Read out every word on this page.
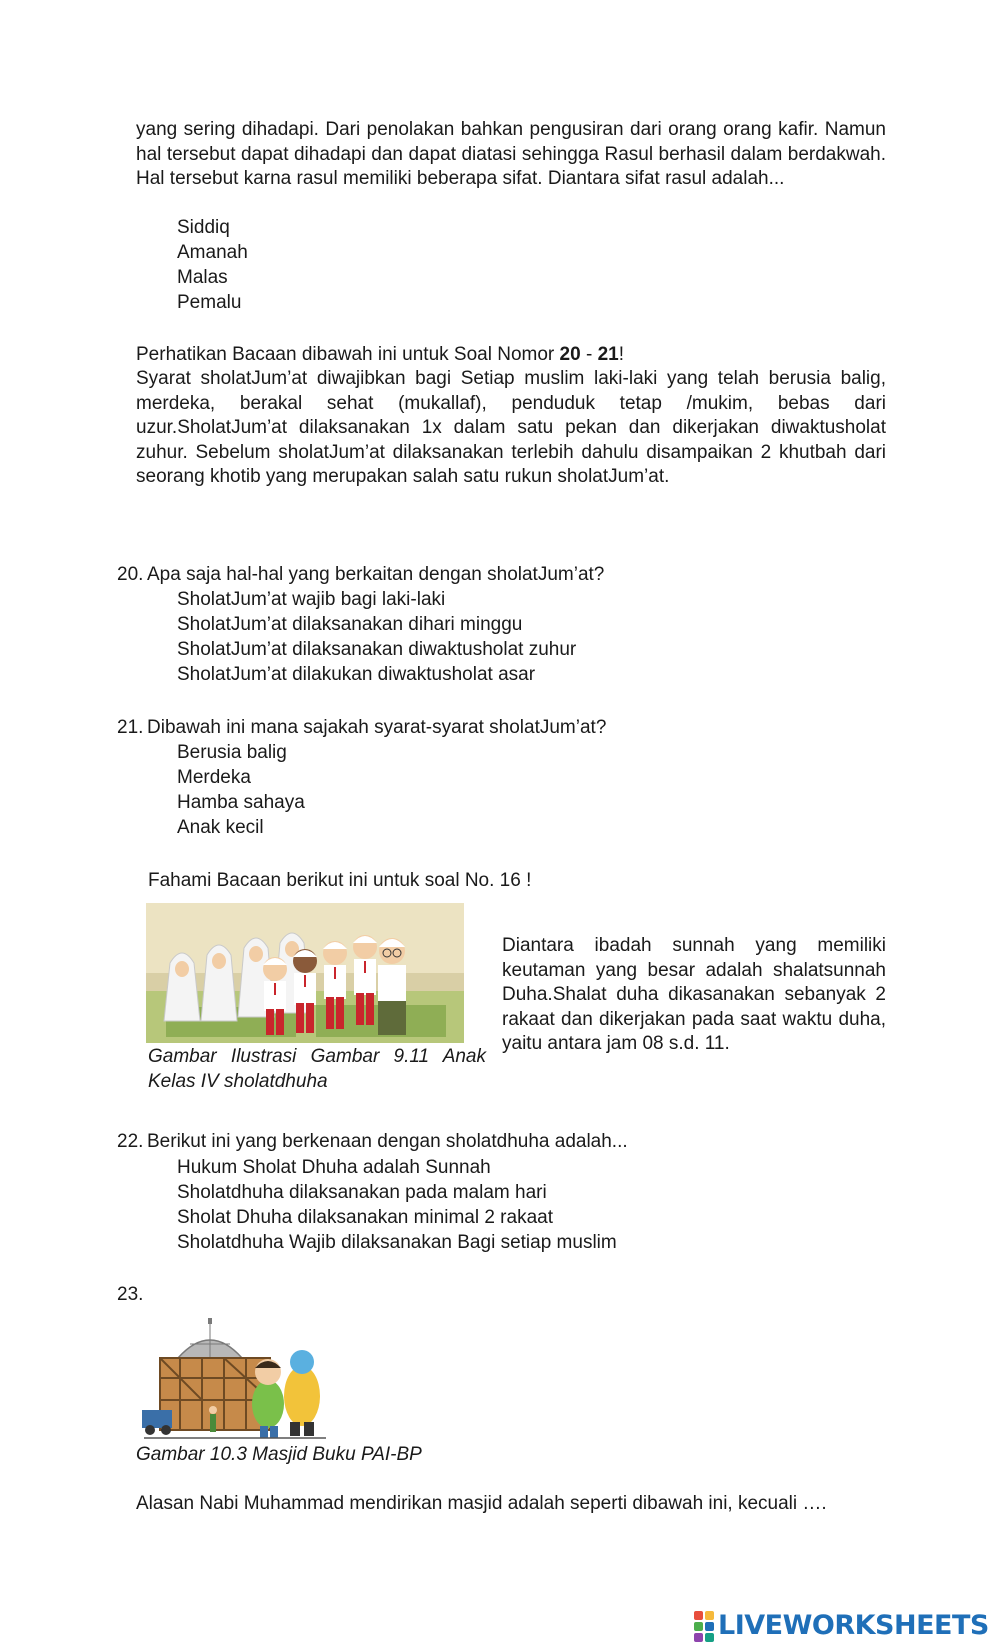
yang sering dihadapi. Dari penolakan bahkan pengusiran dari orang orang kafir. Namun hal tersebut dapat dihadapi dan dapat diatasi sehingga Rasul berhasil dalam berdakwah. Hal tersebut karna rasul memiliki beberapa sifat. Diantara sifat rasul adalah...
Siddiq
Amanah
Malas
Pemalu
Perhatikan Bacaan dibawah ini untuk Soal Nomor 20 - 21!
Syarat sholatJum’at diwajibkan bagi Setiap muslim laki-laki yang telah berusia balig, merdeka, berakal sehat (mukallaf), penduduk tetap /mukim, bebas dari uzur.SholatJum’at dilaksanakan 1x dalam satu pekan dan dikerjakan diwaktusholat zuhur. Sebelum sholatJum’at dilaksanakan terlebih dahulu disampaikan 2 khutbah dari seorang khotib yang merupakan salah satu rukun sholatJum’at.
20. Apa saja hal-hal yang berkaitan dengan sholatJum’at?
SholatJum’at wajib bagi laki-laki
SholatJum’at dilaksanakan dihari minggu
SholatJum’at dilaksanakan diwaktusholat zuhur
SholatJum’at dilakukan diwaktusholat asar
21. Dibawah ini mana sajakah syarat-syarat sholatJum’at?
Berusia balig
Merdeka
Hamba sahaya
Anak kecil
Fahami Bacaan berikut ini untuk soal No. 16 !
Gambar Ilustrasi Gambar 9.11 Anak Kelas IV sholatdhuha
Diantara ibadah sunnah yang memiliki keutaman yang besar adalah shalatsunnah Duha.Shalat duha dikasanakan sebanyak 2 rakaat dan dikerjakan pada saat waktu duha, yaitu antara jam 08 s.d. 11.
22. Berikut ini yang berkenaan dengan sholatdhuha adalah...
Hukum Sholat Dhuha adalah Sunnah
Sholatdhuha dilaksanakan pada malam hari
Sholat Dhuha dilaksanakan minimal 2 rakaat
Sholatdhuha Wajib dilaksanakan Bagi setiap muslim
23.
Gambar 10.3 Masjid Buku PAI-BP
Alasan Nabi Muhammad mendirikan masjid adalah seperti dibawah ini, kecuali ….
LIVEWORKSHEETS
